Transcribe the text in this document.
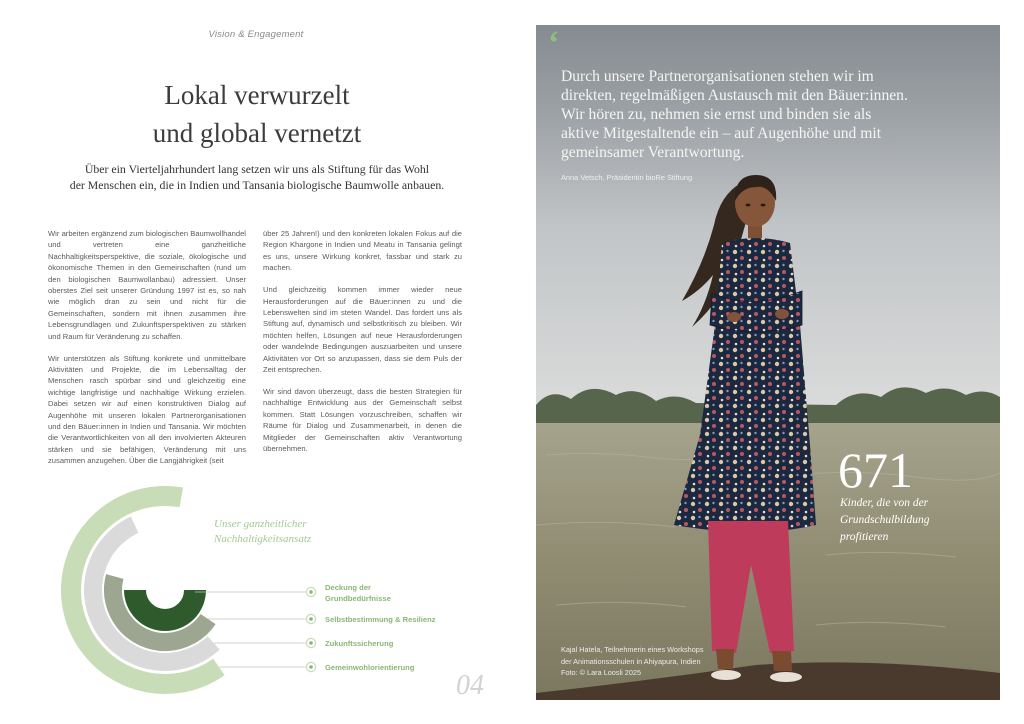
Vision & Engagement
Lokal verwurzelt
und global vernetzt
Über ein Vierteljahrhundert lang setzen wir uns als Stiftung für das Wohl
der Menschen ein, die in Indien und Tansania biologische Baumwolle anbauen.

Wir arbeiten ergänzend zum biologischen Baumwollhandel und vertreten eine ganzheitliche Nachhaltigkeitsperspektive, die soziale, ökologische und ökonomische Themen in den Gemeinschaften (rund um den biologischen Baumwollanbau) adressiert. Unser oberstes Ziel seit unserer Gründung 1997 ist es, so nah wie möglich dran zu sein und nicht für die Gemeinschaften, sondern mit ihnen zusammen ihre Lebensgrundlagen und Zukunftsperspektiven zu stärken und Raum für Veränderung zu schaffen.

Wir unterstützen als Stiftung konkrete und unmittelbare Aktivitäten und Projekte, die im Lebensalltag der Menschen rasch spürbar sind und gleichzeitig eine wichtige langfristige und nachhaltige Wirkung erzielen. Dabei setzen wir auf einen konstruktiven Dialog auf Augenhöhe mit unseren lokalen Partnerorganisationen und den Bäuer:innen in Indien und Tansania. Wir möchten die Verantwortlichkeiten von all den involvierten Akteuren stärken und sie befähigen, Veränderung mit uns zusammen anzugehen. Über die Langjährigkeit (seit

über 25 Jahren!) und den konkreten lokalen Fokus auf die Region Khargone in Indien und Meatu in Tansania gelingt es uns, unsere Wirkung konkret, fassbar und stark zu machen.

Und gleichzeitig kommen immer wieder neue Herausforderungen auf die Bäuer:innen zu und die Lebenswelten sind im steten Wandel. Das fordert uns als Stiftung auf, dynamisch und selbstkritisch zu bleiben. Wir möchten helfen, Lösungen auf neue Herausforderungen oder wandelnde Bedingungen auszuarbeiten und unsere Aktivitäten vor Ort so anzupassen, dass sie dem Puls der Zeit entsprechen.

Wir sind davon überzeugt, dass die besten Strategien für nachhaltige Entwicklung aus der Gemeinschaft selbst kommen. Statt Lösungen vorzuschreiben, schaffen wir Räume für Dialog und Zusammenarbeit, in denen die Mitglieder der Gemeinschaften aktiv Verantwortung übernehmen.

Unser ganzheitlicher
Nachhaltigkeitsansatz
Deckung der
Grundbedürfnisse
Selbstbestimmung & Resilienz
Zukunftssicherung
Gemeinwohlorientierung
04
‘
Durch unsere Partnerorganisationen stehen wir im
direkten, regelmäßigen Austausch mit den Bäuer:innen.
Wir hören zu, nehmen sie ernst und binden sie als
aktive Mitgestaltende ein – auf Augenhöhe und mit
gemeinsamer Verantwortung.
Anna Vetsch, Präsidentin bioRe Stiftung
671
Kinder, die von der
Grundschulbildung
profitieren
Kajal Hatela, Teilnehmerin eines Workshops
der Animationsschulen in Ahiyapura, Indien
Foto: © Lara Loosli 2025
